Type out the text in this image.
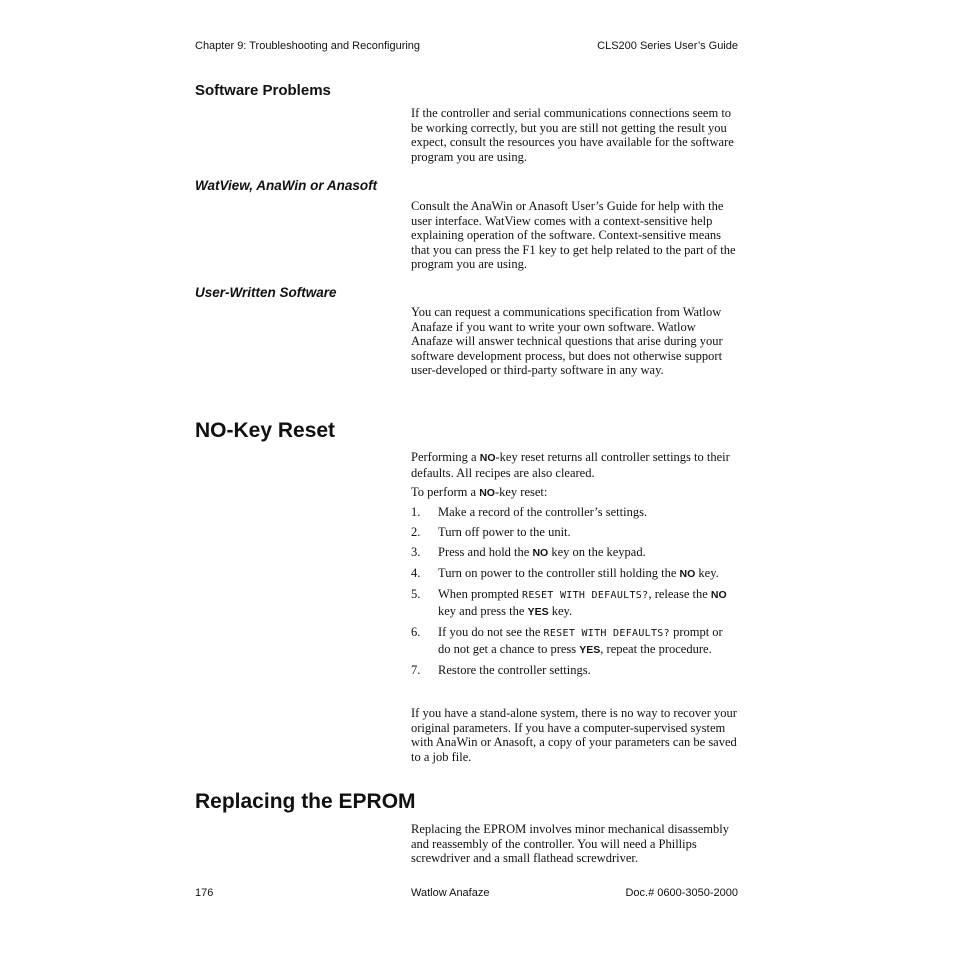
Chapter 9: Troubleshooting and Reconfiguring	CLS200 Series User’s Guide
Software Problems

If the controller and serial communications connections seem to be working correctly, but you are still not getting the result you expect, consult the resources you have available for the software program you are using.

WatView, AnaWin or Anasoft

Consult the AnaWin or Anasoft User’s Guide for help with the user interface. WatView comes with a context-sensitive help explaining operation of the software. Context-sensitive means that you can press the F1 key to get help related to the part of the program you are using.

User-Written Software

You can request a communications specification from Watlow Anafaze if you want to write your own software. Watlow Anafaze will answer technical questions that arise during your software development process, but does not otherwise support user-developed or third-party software in any way.

NO-Key Reset

Performing a NO-key reset returns all controller settings to their defaults. All recipes are also cleared.

To perform a NO-key reset:

1. Make a record of the controller’s settings.
2. Turn off power to the unit.
3. Press and hold the NO key on the keypad.
4. Turn on power to the controller still holding the NO key.
5. When prompted RESET WITH DEFAULTS?, release the NO key and press the YES key.
6. If you do not see the RESET WITH DEFAULTS? prompt or do not get a chance to press YES, repeat the procedure.
7. Restore the controller settings.

If you have a stand-alone system, there is no way to recover your original parameters. If you have a computer-supervised system with AnaWin or Anasoft, a copy of your parameters can be saved to a job file.

Replacing the EPROM

Replacing the EPROM involves minor mechanical disassembly and reassembly of the controller. You will need a Phillips screwdriver and a small flathead screwdriver.

176	Watlow Anafaze	Doc.# 0600-3050-2000
